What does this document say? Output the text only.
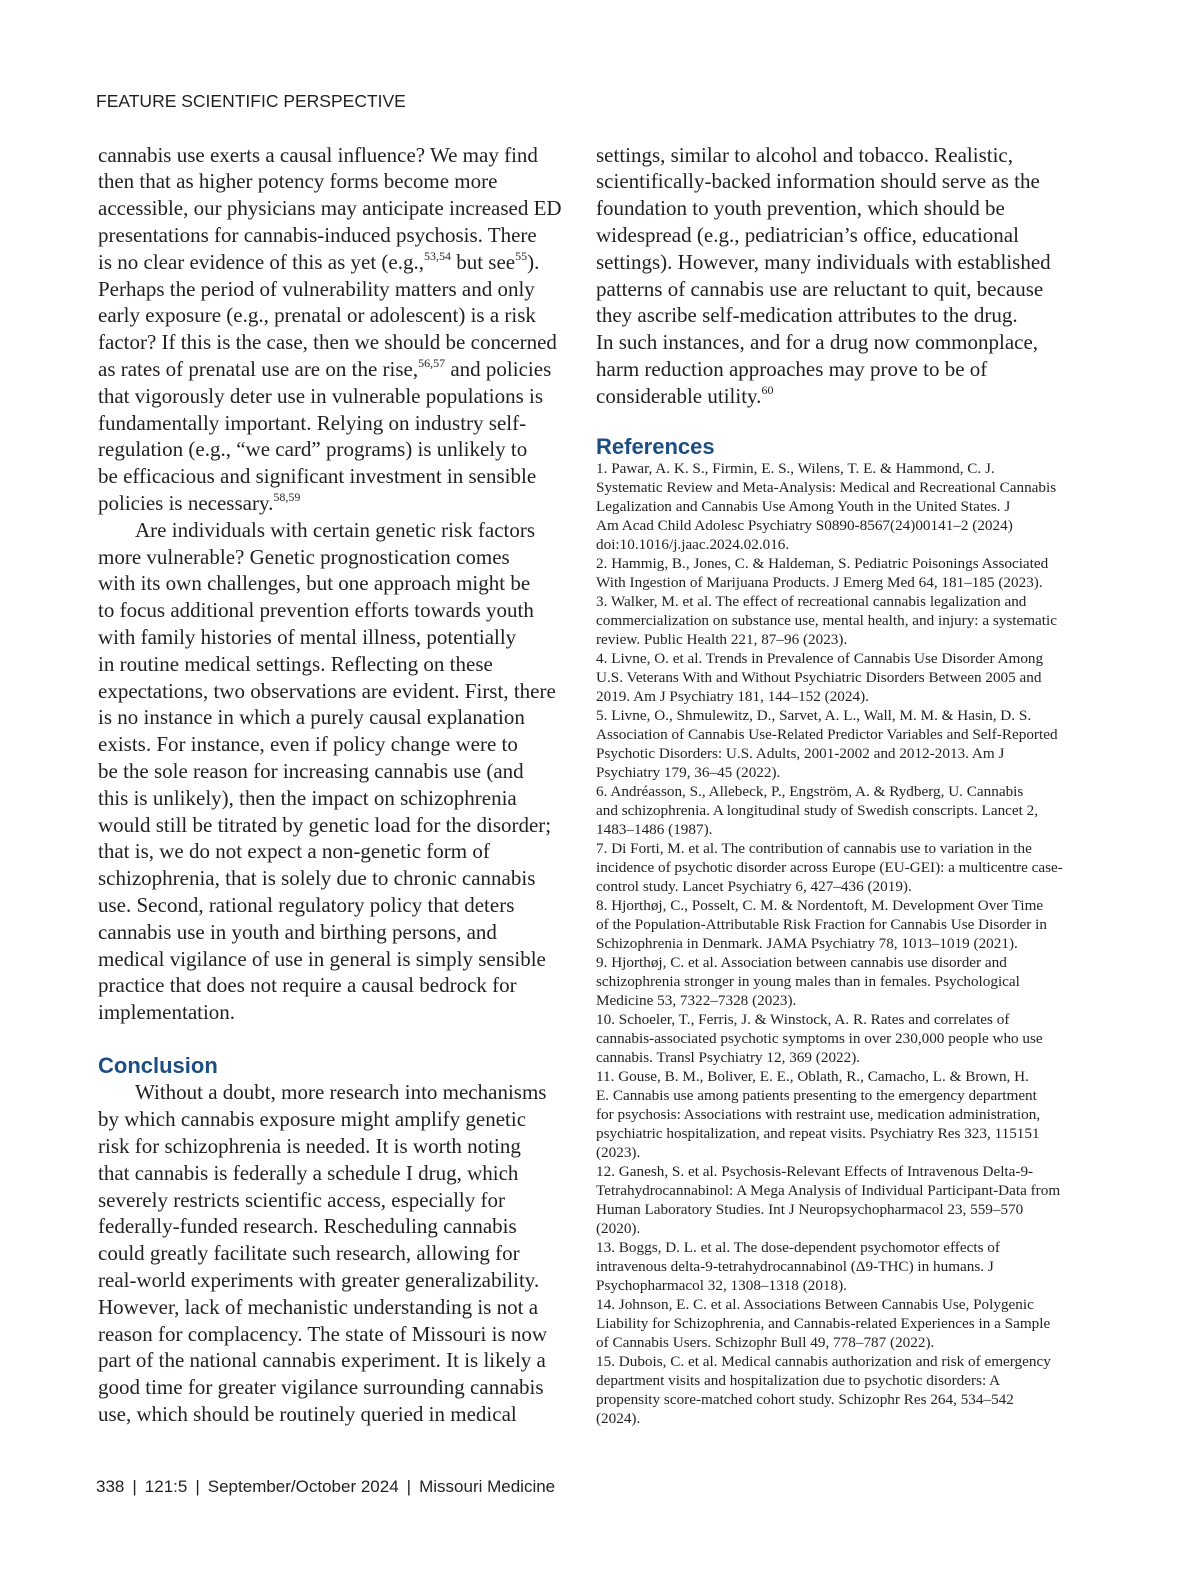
FEATURE SCIENTIFIC PERSPECTIVE
cannabis use exerts a causal influence? We may find
then that as higher potency forms become more
accessible, our physicians may anticipate increased ED
presentations for cannabis-induced psychosis. There
is no clear evidence of this as yet (e.g.,$^{53,54}$ but see$^{55}$).
Perhaps the period of vulnerability matters and only
early exposure (e.g., prenatal or adolescent) is a risk
factor? If this is the case, then we should be concerned
as rates of prenatal use are on the rise,$^{56,57}$ and policies
that vigorously deter use in vulnerable populations is
fundamentally important. Relying on industry self-
regulation (e.g., “we card” programs) is unlikely to
be efficacious and significant investment in sensible
policies is necessary.$^{58,59}$
Are individuals with certain genetic risk factors
more vulnerable? Genetic prognostication comes
with its own challenges, but one approach might be
to focus additional prevention efforts towards youth
with family histories of mental illness, potentially
in routine medical settings. Reflecting on these
expectations, two observations are evident. First, there
is no instance in which a purely causal explanation
exists. For instance, even if policy change were to
be the sole reason for increasing cannabis use (and
this is unlikely), then the impact on schizophrenia
would still be titrated by genetic load for the disorder;
that is, we do not expect a non-genetic form of
schizophrenia, that is solely due to chronic cannabis
use. Second, rational regulatory policy that deters
cannabis use in youth and birthing persons, and
medical vigilance of use in general is simply sensible
practice that does not require a causal bedrock for
implementation.
Conclusion
Without a doubt, more research into mechanisms
by which cannabis exposure might amplify genetic
risk for schizophrenia is needed. It is worth noting
that cannabis is federally a schedule I drug, which
severely restricts scientific access, especially for
federally-funded research. Rescheduling cannabis
could greatly facilitate such research, allowing for
real-world experiments with greater generalizability.
However, lack of mechanistic understanding is not a
reason for complacency. The state of Missouri is now
part of the national cannabis experiment. It is likely a
good time for greater vigilance surrounding cannabis
use, which should be routinely queried in medical
settings, similar to alcohol and tobacco. Realistic,
scientifically-backed information should serve as the
foundation to youth prevention, which should be
widespread (e.g., pediatrician’s office, educational
settings). However, many individuals with established
patterns of cannabis use are reluctant to quit, because
they ascribe self-medication attributes to the drug.
In such instances, and for a drug now commonplace,
harm reduction approaches may prove to be of
considerable utility.$^{60}$
References
1. Pawar, A. K. S., Firmin, E. S., Wilens, T. E. & Hammond, C. J.
Systematic Review and Meta-Analysis: Medical and Recreational Cannabis
Legalization and Cannabis Use Among Youth in the United States. J
Am Acad Child Adolesc Psychiatry S0890-8567(24)00141–2 (2024)
doi:10.1016/j.jaac.2024.02.016.
2. Hammig, B., Jones, C. & Haldeman, S. Pediatric Poisonings Associated
With Ingestion of Marijuana Products. J Emerg Med 64, 181–185 (2023).
3. Walker, M. et al. The effect of recreational cannabis legalization and
commercialization on substance use, mental health, and injury: a systematic
review. Public Health 221, 87–96 (2023).
4. Livne, O. et al. Trends in Prevalence of Cannabis Use Disorder Among
U.S. Veterans With and Without Psychiatric Disorders Between 2005 and
2019. Am J Psychiatry 181, 144–152 (2024).
5. Livne, O., Shmulewitz, D., Sarvet, A. L., Wall, M. M. & Hasin, D. S.
Association of Cannabis Use-Related Predictor Variables and Self-Reported
Psychotic Disorders: U.S. Adults, 2001-2002 and 2012-2013. Am J
Psychiatry 179, 36–45 (2022).
6. Andréasson, S., Allebeck, P., Engström, A. & Rydberg, U. Cannabis
and schizophrenia. A longitudinal study of Swedish conscripts. Lancet 2,
1483–1486 (1987).
7. Di Forti, M. et al. The contribution of cannabis use to variation in the
incidence of psychotic disorder across Europe (EU-GEI): a multicentre case-
control study. Lancet Psychiatry 6, 427–436 (2019).
8. Hjorthøj, C., Posselt, C. M. & Nordentoft, M. Development Over Time
of the Population-Attributable Risk Fraction for Cannabis Use Disorder in
Schizophrenia in Denmark. JAMA Psychiatry 78, 1013–1019 (2021).
9. Hjorthøj, C. et al. Association between cannabis use disorder and
schizophrenia stronger in young males than in females. Psychological
Medicine 53, 7322–7328 (2023).
10. Schoeler, T., Ferris, J. & Winstock, A. R. Rates and correlates of
cannabis-associated psychotic symptoms in over 230,000 people who use
cannabis. Transl Psychiatry 12, 369 (2022).
11. Gouse, B. M., Boliver, E. E., Oblath, R., Camacho, L. & Brown, H.
E. Cannabis use among patients presenting to the emergency department
for psychosis: Associations with restraint use, medication administration,
psychiatric hospitalization, and repeat visits. Psychiatry Res 323, 115151
(2023).
12. Ganesh, S. et al. Psychosis-Relevant Effects of Intravenous Delta-9-
Tetrahydrocannabinol: A Mega Analysis of Individual Participant-Data from
Human Laboratory Studies. Int J Neuropsychopharmacol 23, 559–570
(2020).
13. Boggs, D. L. et al. The dose-dependent psychomotor effects of
intravenous delta-9-tetrahydrocannabinol (Δ9-THC) in humans. J
Psychopharmacol 32, 1308–1318 (2018).
14. Johnson, E. C. et al. Associations Between Cannabis Use, Polygenic
Liability for Schizophrenia, and Cannabis-related Experiences in a Sample
of Cannabis Users. Schizophr Bull 49, 778–787 (2022).
15. Dubois, C. et al. Medical cannabis authorization and risk of emergency
department visits and hospitalization due to psychotic disorders: A
propensity score-matched cohort study. Schizophr Res 264, 534–542
(2024).
338 | 121:5 | September/October 2024 | Missouri Medicine
